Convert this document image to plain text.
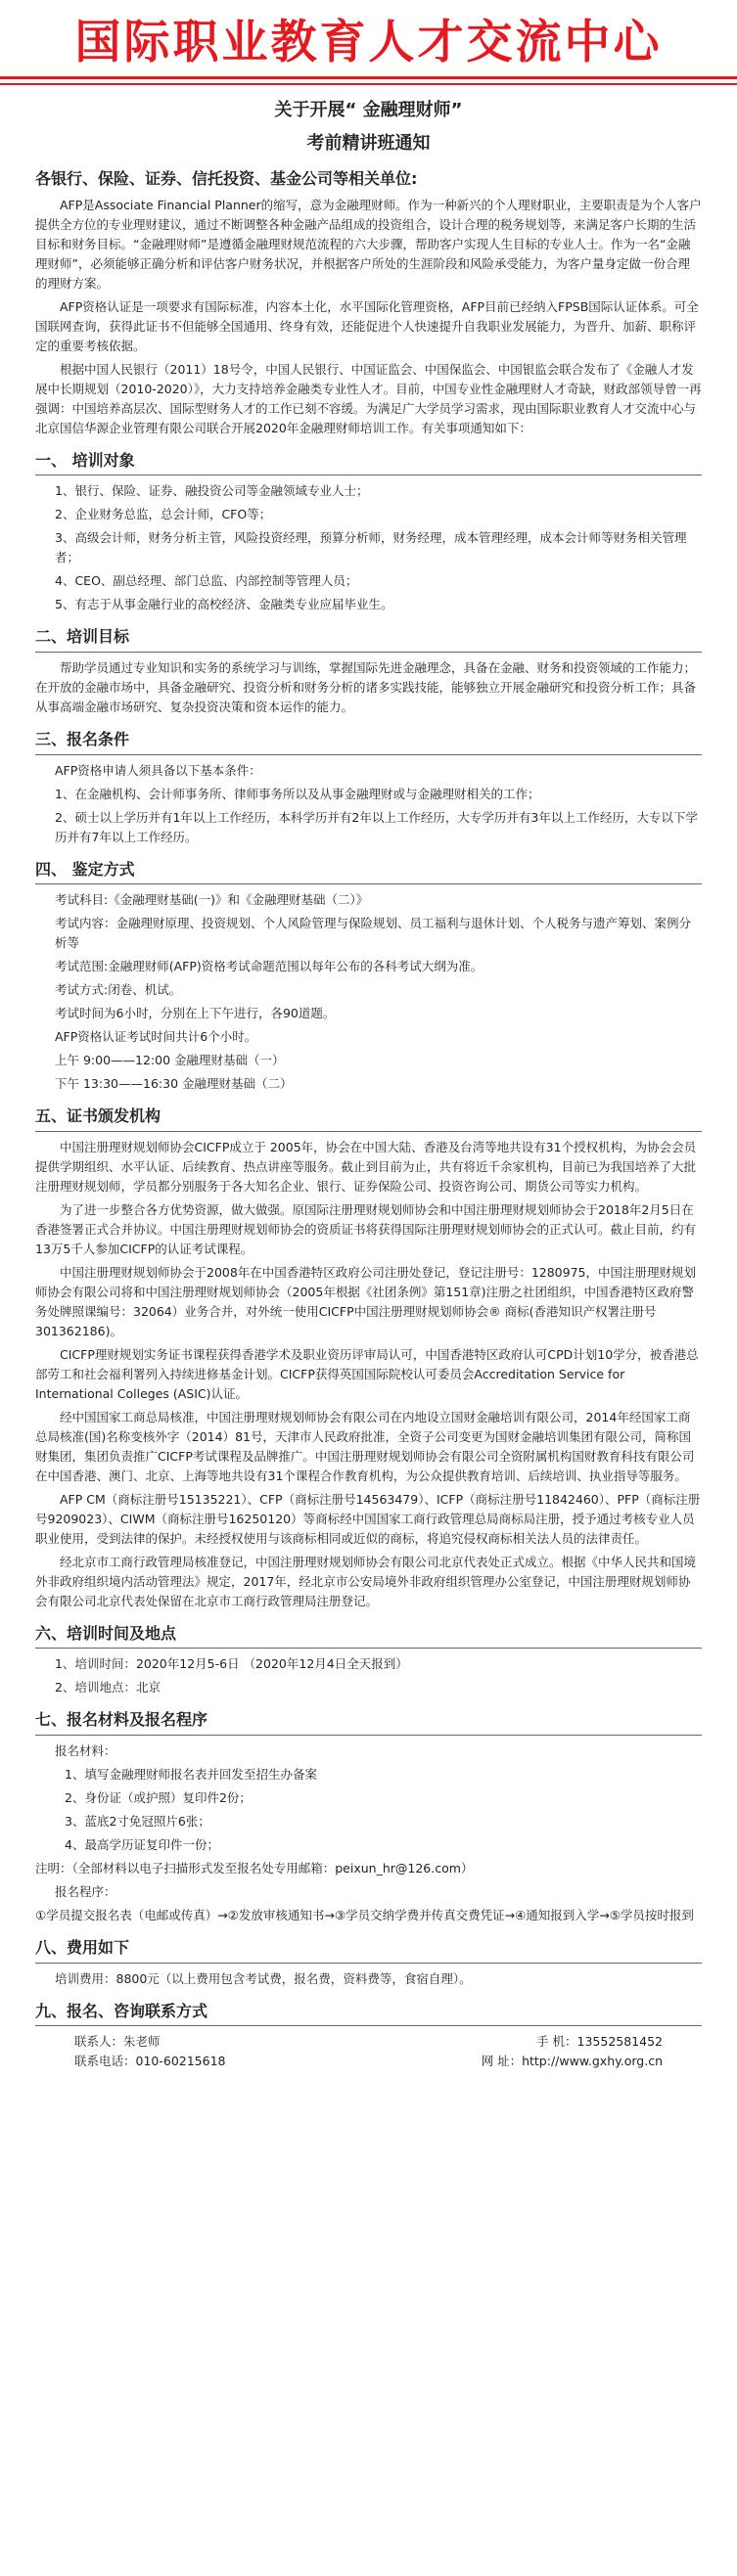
国际职业教育人才交流中心
关于开展“ 金融理财师”
考前精讲班通知
各银行、保险、证券、信托投资、基金公司等相关单位:

AFP是Associate Financial Planner的缩写，意为金融理财师。作为一种新兴的个人理财职业，主要职责是为个人客户提供全方位的专业理财建议，通过不断调整各种金融产品组成的投资组合，设计合理的税务规划等，来满足客户长期的生活目标和财务目标。“金融理财师”是遵循金融理财规范流程的六大步骤，帮助客户实现人生目标的专业人士。作为一名“金融理财师”，必须能够正确分析和评估客户财务状况，并根据客户所处的生涯阶段和风险承受能力，为客户量身定做一份合理的理财方案。

AFP资格认证是一项要求有国际标准，内容本土化，水平国际化管理资格，AFP目前已经纳入FPSB国际认证体系。可全国联网查询，获得此证书不但能够全国通用、终身有效，还能促进个人快速提升自我职业发展能力，为晋升、加薪、职称评定的重要考核依据。

根据中国人民银行（2011）18号令，中国人民银行、中国证监会、中国保监会、中国银监会联合发布了《金融人才发展中长期规划（2010-2020）》，大力支持培养金融类专业性人才。目前，中国专业性金融理财人才奇缺，财政部领导曾一再强调：中国培养高层次、国际型财务人才的工作已刻不容缓。为满足广大学员学习需求，现由国际职业教育人才交流中心与北京国信华源企业管理有限公司联合开展2020年金融理财师培训工作。有关事项通知如下：

一、 培训对象

1、银行、保险、证券、融投资公司等金融领域专业人士；

2、企业财务总监，总会计师，CFO等；

3、高级会计师，财务分析主管，风险投资经理，预算分析师，财务经理，成本管理经理，成本会计师等财务相关管理者；

4、CEO、副总经理、部门总监、内部控制等管理人员；

5、有志于从事金融行业的高校经济、金融类专业应届毕业生。

二、培训目标

帮助学员通过专业知识和实务的系统学习与训练，掌握国际先进金融理念，具备在金融、财务和投资领域的工作能力；在开放的金融市场中，具备金融研究、投资分析和财务分析的诸多实践技能，能够独立开展金融研究和投资分析工作；具备从事高端金融市场研究、复杂投资决策和资本运作的能力。

三、报名条件

AFP资格申请人须具备以下基本条件：

1、在金融机构、会计师事务所、律师事务所以及从事金融理财或与金融理财相关的工作；

2、硕士以上学历并有1年以上工作经历，本科学历并有2年以上工作经历，大专学历并有3年以上工作经历，大专以下学历并有7年以上工作经历。

四、 鉴定方式

考试科目:《金融理财基础(一)》和《金融理财基础（二）》

考试内容：金融理财原理、投资规划、个人风险管理与保险规划、员工福利与退休计划、个人税务与遗产筹划、案例分析等

考试范围:金融理财师(AFP)资格考试命题范围以每年公布的各科考试大纲为准。

考试方式:闭卷、机试。

考试时间为6小时，分别在上下午进行，各90道题。

AFP资格认证考试时间共计6个小时。

上午 9:00——12:00 金融理财基础（一）

下午 13:30——16:30 金融理财基础（二）

五、证书颁发机构

中国注册理财规划师协会CICFP成立于 2005年，协会在中国大陆、香港及台湾等地共设有31个授权机构，为协会会员提供学期组织、水平认证、后续教育、热点讲座等服务。截止到目前为止，共有将近千余家机构，目前已为我国培养了大批注册理财规划师，学员都分别服务于各大知名企业、银行、证券保险公司、投资咨询公司、期货公司等实力机构。

为了进一步整合各方优势资源，做大做强。原国际注册理财规划师协会和中国注册理财规划师协会于2018年2月5日在香港签署正式合并协议。中国注册理财规划师协会的资质证书将获得国际注册理财规划师协会的正式认可。截止目前，约有13万5千人参加CICFP的认证考试课程。

中国注册理财规划师协会于2008年在中国香港特区政府公司注册处登记，登记注册号：1280975，中国注册理财规划师协会有限公司将和中国注册理财规划师协会（2005年根据《社团条例》第151章)注册之社团组织，中国香港特区政府警务处牌照课编号：32064）业务合并，对外统一使用CICFP中国注册理财规划师协会® 商标(香港知识产权署注册号301362186)。

CICFP理财规划实务证书课程获得香港学术及职业资历评审局认可，中国香港特区政府认可CPD计划10学分，被香港总部劳工和社会福利署列入持续进修基金计划。CICFP获得英国国际院校认可委员会Accreditation Service for International Colleges (ASIC)认证。

经中国国家工商总局核准，中国注册理财规划师协会有限公司在内地设立国财金融培训有限公司，2014年经国家工商总局核准(国)名称变核外字（2014）81号，天津市人民政府批准，全资子公司变更为国财金融培训集团有限公司，简称国财集团，集团负责推广CICFP考试课程及品牌推广。中国注册理财规划师协会有限公司全资附属机构国财教育科技有限公司在中国香港、澳门、北京、上海等地共设有31个课程合作教育机构，为公众提供教育培训、后续培训、执业指导等服务。

AFP CM（商标注册号15135221）、CFP（商标注册号14563479）、ICFP（商标注册号11842460）、PFP（商标注册号9209023）、CIWM（商标注册号16250120）等商标经中国国家工商行政管理总局商标局注册，授予通过考核专业人员职业使用，受到法律的保护。未经授权使用与该商标相同或近似的商标，将追究侵权商标相关法人员的法律责任。

经北京市工商行政管理局核准登记，中国注册理财规划师协会有限公司北京代表处正式成立。根据《中华人民共和国境外非政府组织境内活动管理法》规定，2017年，经北京市公安局境外非政府组织管理办公室登记，中国注册理财规划师协会有限公司北京代表处保留在北京市工商行政管理局注册登记。

六、培训时间及地点

1、培训时间：2020年12月5-6日 （2020年12月4日全天报到）

2、培训地点：北京

七、报名材料及报名程序

报名材料：

1、填写金融理财师报名表并回发至招生办备案

2、身份证（或护照）复印件2份；

3、蓝底2寸免冠照片6张；

4、最高学历证复印件一份；

注明：（全部材料以电子扫描形式发至报名处专用邮箱：peixun_hr@126.com）

报名程序：

①学员提交报名表（电邮或传真）→②发放审核通知书→③学员交纳学费并传真交费凭证→④通知报到入学→⑤学员按时报到

八、费用如下

培训费用：8800元（以上费用包含考试费，报名费，资料费等，食宿自理）。

九、报名、咨询联系方式
联系人：朱老师	手 机：13552581452
联系电话：010-60215618	网 址：http://www.gxhy.org.cn
